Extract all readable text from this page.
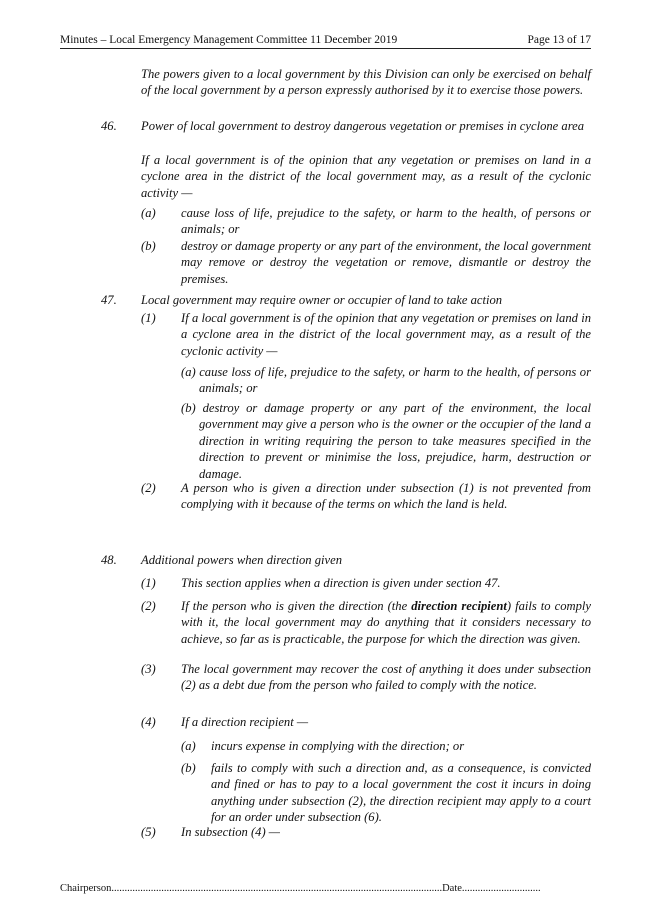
Minutes – Local Emergency Management Committee 11 December 2019	Page 13 of 17
The powers given to a local government by this Division can only be exercised on behalf of the local government by a person expressly authorised by it to exercise those powers.
46. Power of local government to destroy dangerous vegetation or premises in cyclone area
If a local government is of the opinion that any vegetation or premises on land in a cyclone area in the district of the local government may, as a result of the cyclonic activity —
(a) cause loss of life, prejudice to the safety, or harm to the health, of persons or animals; or
(b) destroy or damage property or any part of the environment, the local government may remove or destroy the vegetation or remove, dismantle or destroy the premises.
47. Local government may require owner or occupier of land to take action
(1) If a local government is of the opinion that any vegetation or premises on land in a cyclone area in the district of the local government may, as a result of the cyclonic activity —
(a) cause loss of life, prejudice to the safety, or harm to the health, of persons or animals; or
(b) destroy or damage property or any part of the environment, the local government may give a person who is the owner or the occupier of the land a direction in writing requiring the person to take measures specified in the direction to prevent or minimise the loss, prejudice, harm, destruction or damage.
(2) A person who is given a direction under subsection (1) is not prevented from complying with it because of the terms on which the land is held.
48. Additional powers when direction given
(1) This section applies when a direction is given under section 47.
(2) If the person who is given the direction (the direction recipient) fails to comply with it, the local government may do anything that it considers necessary to achieve, so far as is practicable, the purpose for which the direction was given.
(3) The local government may recover the cost of anything it does under subsection (2) as a debt due from the person who failed to comply with the notice.
(4) If a direction recipient —
(a) incurs expense in complying with the direction; or
(b) fails to comply with such a direction and, as a consequence, is convicted and fined or has to pay to a local government the cost it incurs in doing anything under subsection (2), the direction recipient may apply to a court for an order under subsection (6).
(5) In subsection (4) —
Chairperson..............................................................................................................................Date..............................
